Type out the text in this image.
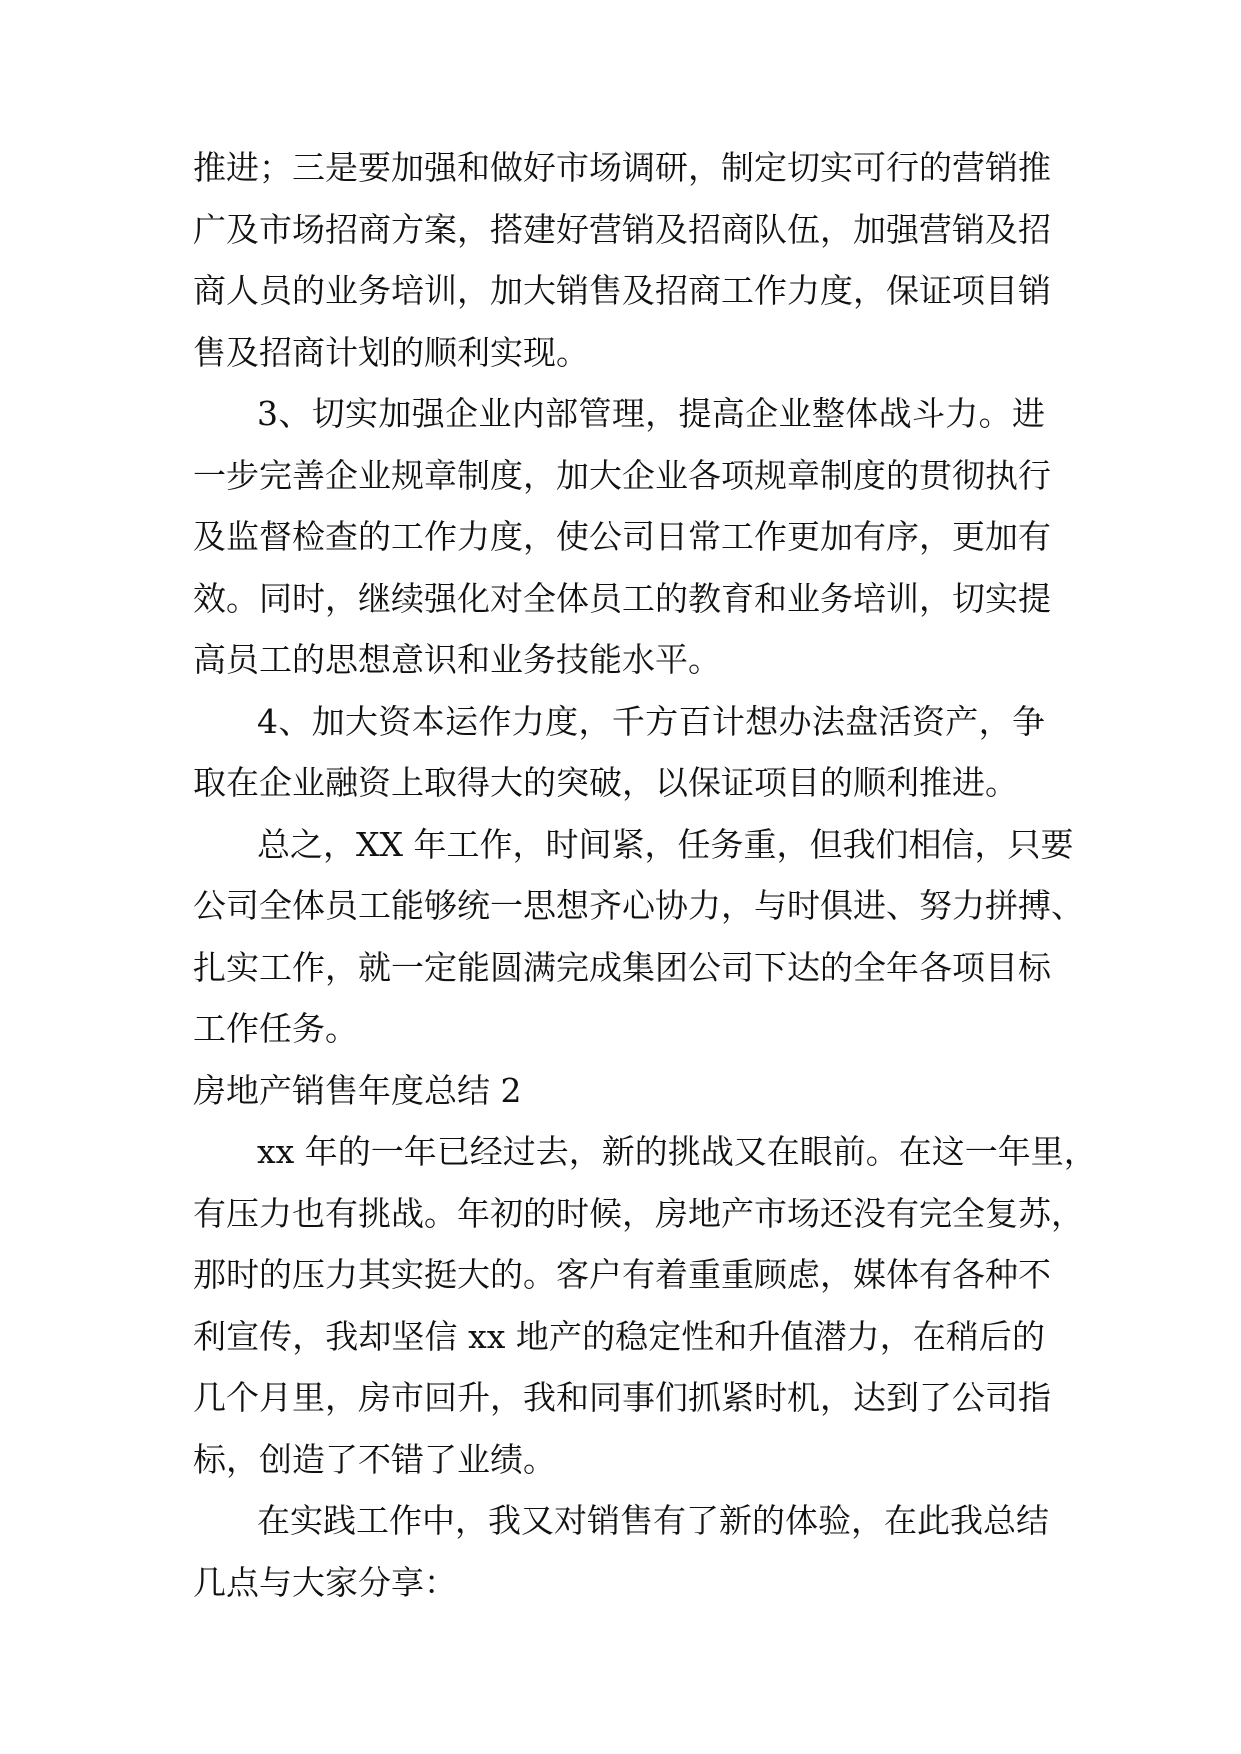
推进；三是要加强和做好市场调研，制定切实可行的营销推
广及市场招商方案，搭建好营销及招商队伍，加强营销及招
商人员的业务培训，加大销售及招商工作力度，保证项目销
售及招商计划的顺利实现。
3、切实加强企业内部管理，提高企业整体战斗力。进
一步完善企业规章制度，加大企业各项规章制度的贯彻执行
及监督检查的工作力度，使公司日常工作更加有序，更加有
效。同时，继续强化对全体员工的教育和业务培训，切实提
高员工的思想意识和业务技能水平。
4、加大资本运作力度，千方百计想办法盘活资产，争
取在企业融资上取得大的突破，以保证项目的顺利推进。
总之，XX 年工作，时间紧，任务重，但我们相信，只要
公司全体员工能够统一思想齐心协力，与时俱进、努力拼搏、
扎实工作，就一定能圆满完成集团公司下达的全年各项目标
工作任务。
房地产销售年度总结 2
xx 年的一年已经过去，新的挑战又在眼前。在这一年里，
有压力也有挑战。年初的时候，房地产市场还没有完全复苏，
那时的压力其实挺大的。客户有着重重顾虑，媒体有各种不
利宣传，我却坚信 xx 地产的稳定性和升值潜力，在稍后的
几个月里，房市回升，我和同事们抓紧时机，达到了公司指
标，创造了不错了业绩。
在实践工作中，我又对销售有了新的体验，在此我总结
几点与大家分享：
